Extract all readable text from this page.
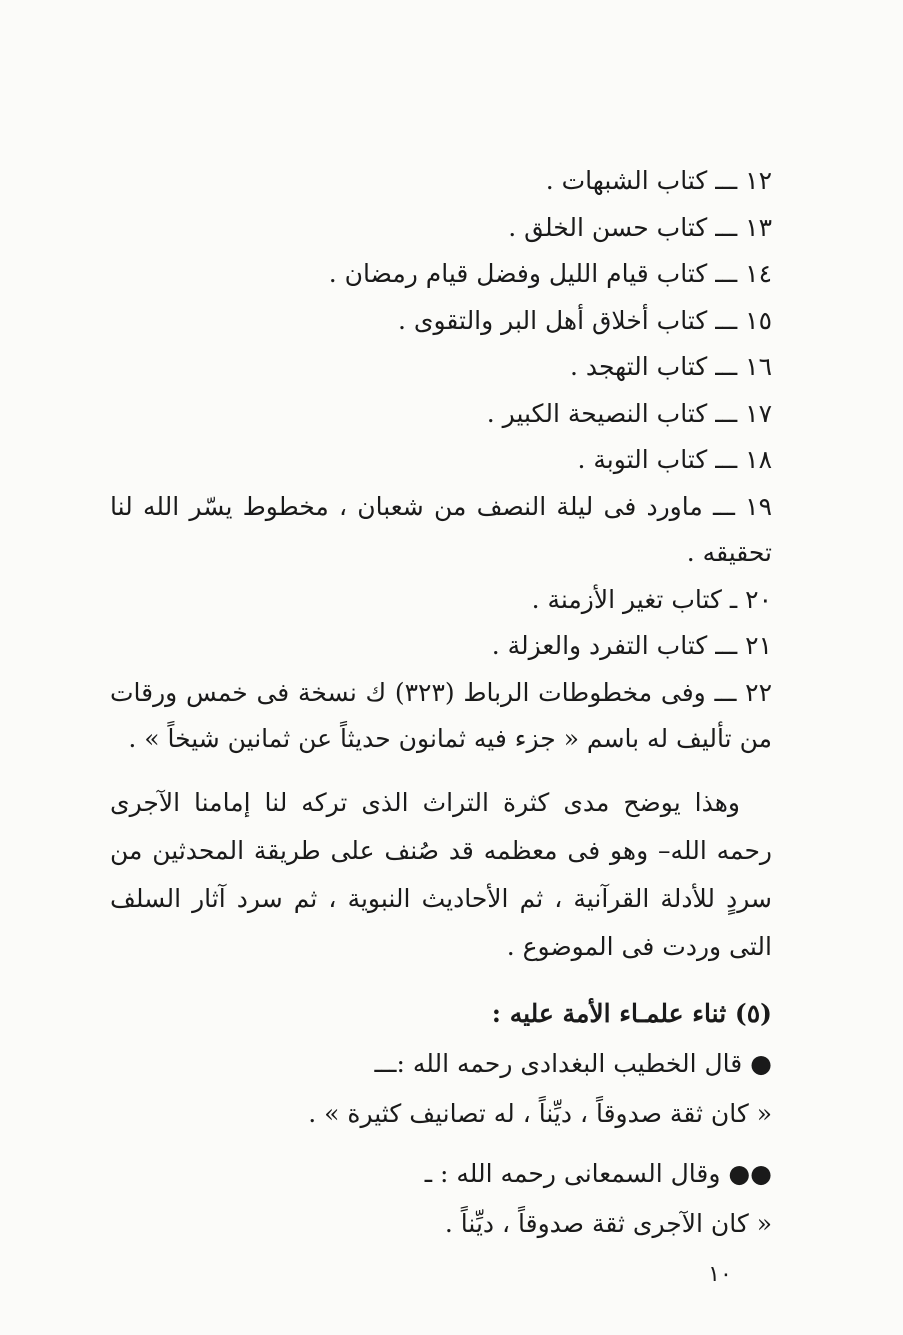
١٢ ـــ كتاب الشبهات .
١٣ ـــ كتاب حسن الخلق .
١٤ ـــ كتاب قيام الليل وفضل قيام رمضان .
١٥ ـــ كتاب أخلاق أهل البر والتقوى .
١٦ ـــ كتاب التهجد .
١٧ ـــ كتاب النصيحة الكبير .
١٨ ـــ كتاب التوبة .
١٩ ـــ ماورد فى ليلة النصف من شعبان ، مخطوط يسّر الله لنا تحقيقه .
٢٠ ـ كتاب تغير الأزمنة .
٢١ ـــ كتاب التفرد والعزلة .
٢٢ ـــ وفى مخطوطات الرباط (٣٢٣) ك نسخة فى خمس ورقات من تأليف له باسم « جزء فيه ثمانون حديثاً عن ثمانين شيخاً » .
وهذا يوضح مدى كثرة التراث الذى تركه لنا إمامنا الآجرى رحمه الله– وهو فى معظمه قد صُنف على طريقة المحدثين من سردٍ للأدلة القرآنية ، ثم الأحاديث النبوية ، ثم سرد آثار السلف التى وردت فى الموضوع .
(٥) ثناء علمـاء الأمة عليه :
● قال الخطيب البغدادى رحمه الله :ـــ
« كان ثقة صدوقاً ، ديِّناً ، له تصانيف كثيرة » .
●● وقال السمعانى رحمه الله : ـ
« كان الآجرى ثقة صدوقاً ، ديِّناً .
١٠
